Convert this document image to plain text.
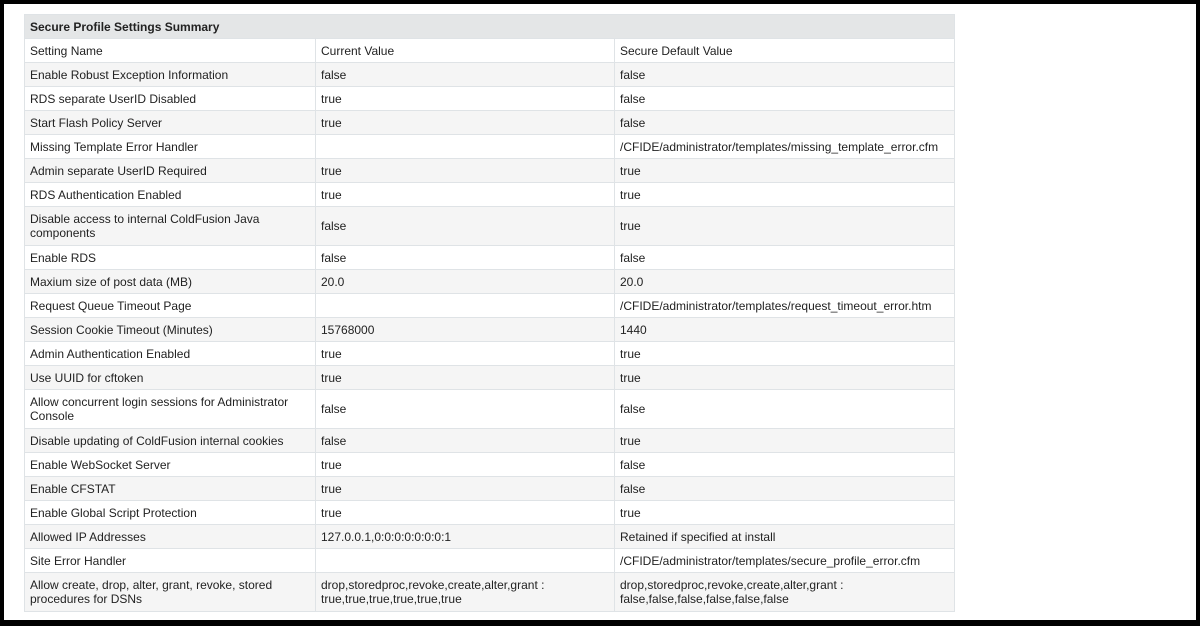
Secure Profile Settings Summary		
Setting Name	Current Value	Secure Default Value
Enable Robust Exception Information	false	false
RDS separate UserID Disabled	true	false
Start Flash Policy Server	true	false
Missing Template Error Handler		/CFIDE/administrator/templates/missing_template_error.cfm
Admin separate UserID Required	true	true
RDS Authentication Enabled	true	true
Disable access to internal ColdFusion Java components	false	true
Enable RDS	false	false
Maxium size of post data (MB)	20.0	20.0
Request Queue Timeout Page		/CFIDE/administrator/templates/request_timeout_error.htm
Session Cookie Timeout (Minutes)	15768000	1440
Admin Authentication Enabled	true	true
Use UUID for cftoken	true	true
Allow concurrent login sessions for Administrator Console	false	false
Disable updating of ColdFusion internal cookies	false	true
Enable WebSocket Server	true	false
Enable CFSTAT	true	false
Enable Global Script Protection	true	true
Allowed IP Addresses	127.0.0.1,0:0:0:0:0:0:0:1	Retained if specified at install
Site Error Handler		/CFIDE/administrator/templates/secure_profile_error.cfm
Allow create, drop, alter, grant, revoke, stored procedures for DSNs	drop,storedproc,revoke,create,alter,grant : true,true,true,true,true,true	drop,storedproc,revoke,create,alter,grant : false,false,false,false,false,false
